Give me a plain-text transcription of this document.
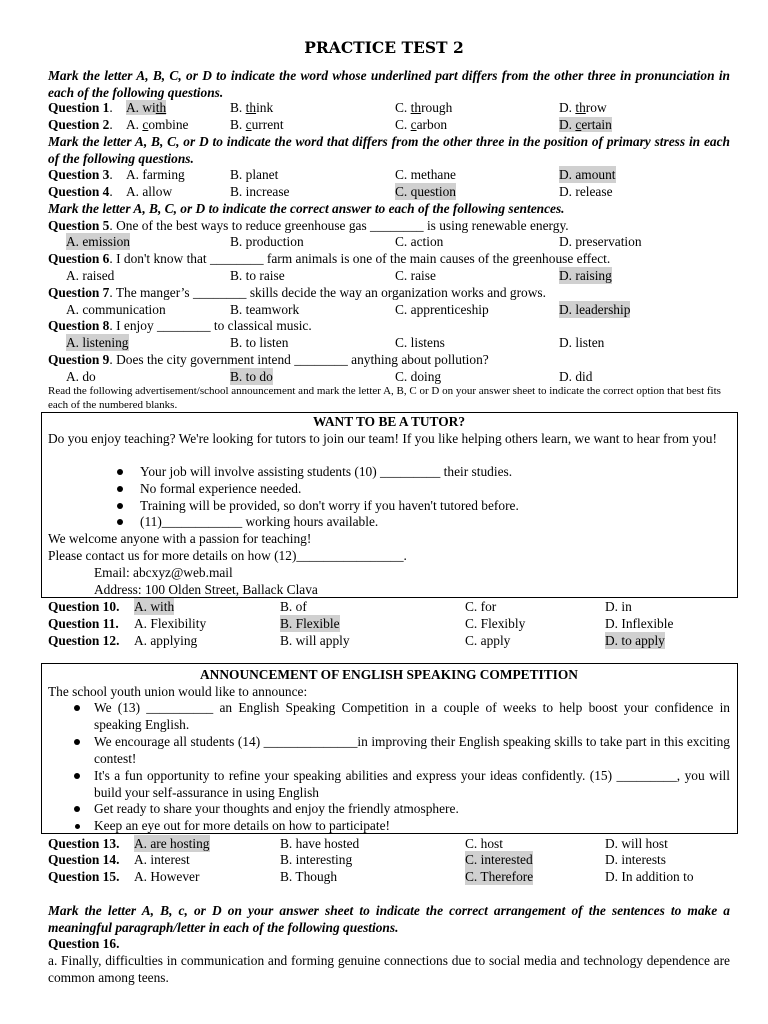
PRACTICE TEST 2
Mark the letter A, B, C, or D to indicate the word whose underlined part differs from the other three in pronunciation in each of the following questions.
Question 1. A. with	B. think	C. through	D. throw
Question 2. A. combine	B. current	C. carbon	D. certain
Mark the letter A, B, C, or D to indicate the word that differs from the other three in the position of primary stress in each of the following questions.
Question 3. A. farming	B. planet	C. methane	D. amount
Question 4. A. allow	B. increase	C. question	D. release
Mark the letter A, B, C, or D to indicate the correct answer to each of the following sentences.
Question 5. One of the best ways to reduce greenhouse gas ________ is using renewable energy.
A. emission	B. production	C. action	D. preservation
Question 6. I don't know that ________ farm animals is one of the main causes of the greenhouse effect.
A. raised	B. to raise	C. raise	D. raising
Question 7. The manger’s ________ skills decide the way an organization works and grows.
A. communication	B. teamwork	C. apprenticeship	D. leadership
Question 8. I enjoy ________ to classical music.
A. listening	B. to listen	C. listens	D. listen
Question 9. Does the city government intend ________ anything about pollution?
A. do	B. to do	C. doing	D. did
Read the following advertisement/school announcement and mark the letter A, B, C or D on your answer sheet to indicate the correct option that best fits each of the numbered blanks.
WANT TO BE A TUTOR?
Do you enjoy teaching? We're looking for tutors to join our team! If you like helping others learn, we want to hear from you!
Your job will involve assisting students (10) _________ their studies.
No formal experience needed.
Training will be provided, so don't worry if you haven't tutored before.
(11)____________ working hours available.
We welcome anyone with a passion for teaching!
Please contact us for more details on how (12)________________.
Email: abcxyz@web.mail
Address: 100 Olden Street, Ballack Clava
Question 10. A. with	B. of	C. for	D. in
Question 11. A. Flexibility	B. Flexible	C. Flexibly	D. Inflexible
Question 12. A. applying	B. will apply	C. apply	D. to apply
ANNOUNCEMENT OF ENGLISH SPEAKING COMPETITION
The school youth union would like to announce:
We (13) __________ an English Speaking Competition in a couple of weeks to help boost your confidence in speaking English.
We encourage all students (14) ______________in improving their English speaking skills to take part in this exciting contest!
It's a fun opportunity to refine your speaking abilities and express your ideas confidently. (15) _________, you will build your self-assurance in using English
Get ready to share your thoughts and enjoy the friendly atmosphere.
Keep an eye out for more details on how to participate!
Question 13. A. are hosting	B. have hosted	C. host	D. will host
Question 14. A. interest	B. interesting	C. interested	D. interests
Question 15. A. However	B. Though	C. Therefore	D. In addition to
Mark the letter A, B, c, or D on your answer sheet to indicate the correct arrangement of the sentences to make a meaningful paragraph/letter in each of the following questions.
Question 16.
a. Finally, difficulties in communication and forming genuine connections due to social media and technology dependence are common among teens.
